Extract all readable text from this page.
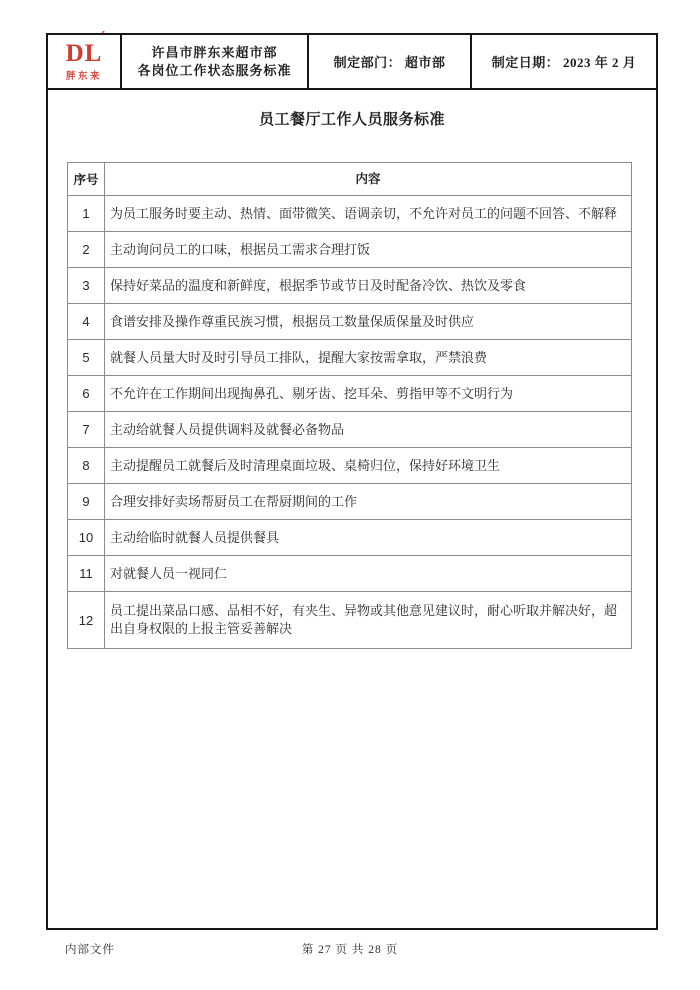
DL
ˊ
胖东来
许昌市胖东来超市部
各岗位工作状态服务标准	制定部门： 超市部	制定日期： 2023 年 2 月
员工餐厅工作人员服务标准
序号	内容
1	为员工服务时要主动、热情、面带微笑、语调亲切，不允许对员工的问题不回答、不解释
2	主动询问员工的口味，根据员工需求合理打饭
3	保持好菜品的温度和新鲜度，根据季节或节日及时配备冷饮、热饮及零食
4	食谱安排及操作尊重民族习惯，根据员工数量保质保量及时供应
5	就餐人员量大时及时引导员工排队，提醒大家按需拿取，严禁浪费
6	不允许在工作期间出现掏鼻孔、剔牙齿、挖耳朵、剪指甲等不文明行为
7	主动给就餐人员提供调料及就餐必备物品
8	主动提醒员工就餐后及时清理桌面垃圾、桌椅归位，保持好环境卫生
9	合理安排好卖场帮厨员工在帮厨期间的工作
10	主动给临时就餐人员提供餐具
11	对就餐人员一视同仁
12	员工提出菜品口感、品相不好，有夹生、异物或其他意见建议时，耐心听取并解决好，超出自身权限的上报主管妥善解决
第 27 页 共 28 页
内部文件
